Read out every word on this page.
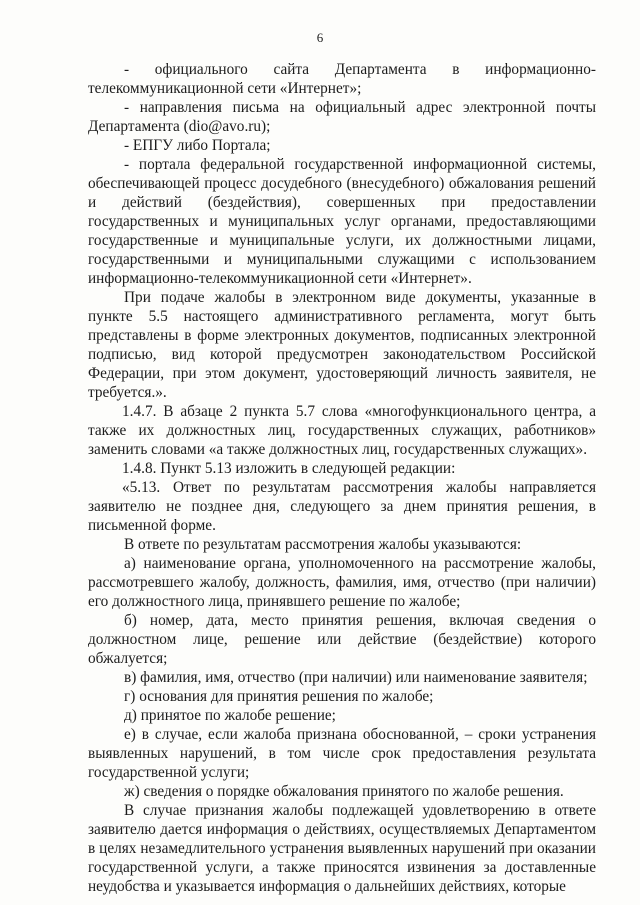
6

- официального сайта Департамента в информационно-телекоммуникационной сети «Интернет»;

- направления письма на официальный адрес электронной почты Департамента (dio@avo.ru);

- ЕПГУ либо Портала;

- портала федеральной государственной информационной системы, обеспечивающей процесс досудебного (внесудебного) обжалования решений и действий (бездействия), совершенных при предоставлении государственных и муниципальных услуг органами, предоставляющими государственные и муниципальные услуги, их должностными лицами, государственными и муниципальными служащими с использованием информационно-телекоммуникационной сети «Интернет».

При подаче жалобы в электронном виде документы, указанные в пункте 5.5 настоящего административного регламента, могут быть представлены в форме электронных документов, подписанных электронной подписью, вид которой предусмотрен законодательством Российской Федерации, при этом документ, удостоверяющий личность заявителя, не требуется.».

1.4.7. В абзаце 2 пункта 5.7 слова «многофункционального центра, а также их должностных лиц, государственных служащих, работников» заменить словами «а также должностных лиц, государственных служащих».

1.4.8. Пункт 5.13 изложить в следующей редакции:

«5.13. Ответ по результатам рассмотрения жалобы направляется заявителю не позднее дня, следующего за днем принятия решения, в письменной форме.

В ответе по результатам рассмотрения жалобы указываются:

а) наименование органа, уполномоченного на рассмотрение жалобы, рассмотревшего жалобу, должность, фамилия, имя, отчество (при наличии) его должностного лица, принявшего решение по жалобе;

б) номер, дата, место принятия решения, включая сведения о должностном лице, решение или действие (бездействие) которого обжалуется;

в) фамилия, имя, отчество (при наличии) или наименование заявителя;

г) основания для принятия решения по жалобе;

д) принятое по жалобе решение;

е) в случае, если жалоба признана обоснованной, – сроки устранения выявленных нарушений, в том числе срок предоставления результата государственной услуги;

ж) сведения о порядке обжалования принятого по жалобе решения.

В случае признания жалобы подлежащей удовлетворению в ответе заявителю дается информация о действиях, осуществляемых Департаментом в целях незамедлительного устранения выявленных нарушений при оказании государственной услуги, а также приносятся извинения за доставленные неудобства и указывается информация о дальнейших действиях, которые
